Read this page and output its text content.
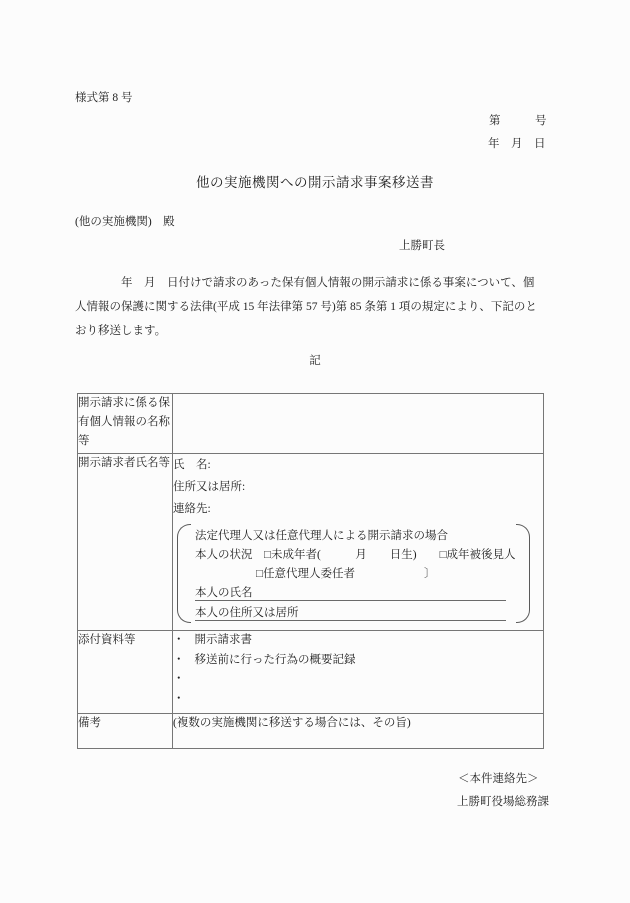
様式第 8 号
第　　　号
年　月　日
他の実施機関への開示請求事案移送書
(他の実施機関)　殿
上勝町長
　　　　年　月　日付けで請求のあった保有個人情報の開示請求に係る事案について、個
人情報の保護に関する法律(平成 15 年法律第 57 号)第 85 条第 1 項の規定により、下記のと
おり移送します。
記
開示請求に係る保有個人情報の名称等	
開示請求者氏名等	氏　名:
住所又は居所:
連絡先:
法定代理人又は任意代理人による開示請求の場合
本人の状況　□未成年者(　　　月　　日生)　　□成年被後見人
□任意代理人委任者　　　　　　〕
本人の氏名
本人の住所又は居所

添付資料等	・ 開示請求書
・ 移送前に行った行為の概要記録
・
・

備考	(複数の実施機関に移送する場合には、その旨)
＜本件連絡先＞
上勝町役場総務課
